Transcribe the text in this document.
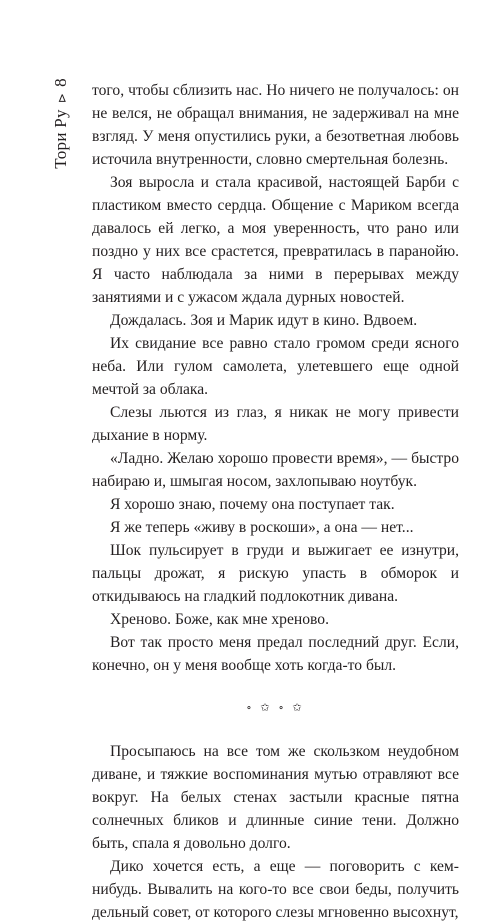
Тори Ру⊳8	того, чтобы сблизить нас. Но ничего не получалось: он не велся, не обращал внимания, не задерживал на мне взгляд. У меня опустились руки, а безответная любовь источила внутренности, словно смертельная болезнь.

Зоя выросла и стала красивой, настоящей Барби с пластиком вместо сердца. Общение с Мариком всегда давалось ей легко, а моя уверенность, что рано или поздно у них все срастется, превратилась в паранойю. Я часто наблюдала за ними в перерывах между занятиями и с ужасом ждала дурных новостей.

Дождалась. Зоя и Марик идут в кино. Вдвоем.

Их свидание все равно стало громом среди ясного неба. Или гулом самолета, улетевшего еще одной мечтой за облака.

Слезы льются из глаз, я никак не могу привести дыхание в норму.

«Ладно. Желаю хорошо провести время», — быстро набираю и, шмыгая носом, захлопываю ноутбук.

Я хорошо знаю, почему она поступает так.

Я же теперь «живу в роскоши», а она — нет...

Шок пульсирует в груди и выжигает ее изнутри, пальцы дрожат, я рискую упасть в обморок и откидываюсь на гладкий подлокотник дивана.

Хреново. Боже, как мне хреново.

Вот так просто меня предал последний друг. Если, конечно, он у меня вообще хоть когда-то был.

∘ ✩ ∘ ✩

Просыпаюсь на все том же скользком неудобном диване, и тяжкие воспоминания мутью отравляют все вокруг. На белых стенах застыли красные пятна солнечных бликов и длинные синие тени. Должно быть, спала я довольно долго.

Дико хочется есть, а еще — поговорить с кем-нибудь. Вывалить на кого-то все свои беды, получить дельный совет, от которого слезы мгновенно высохнут,
